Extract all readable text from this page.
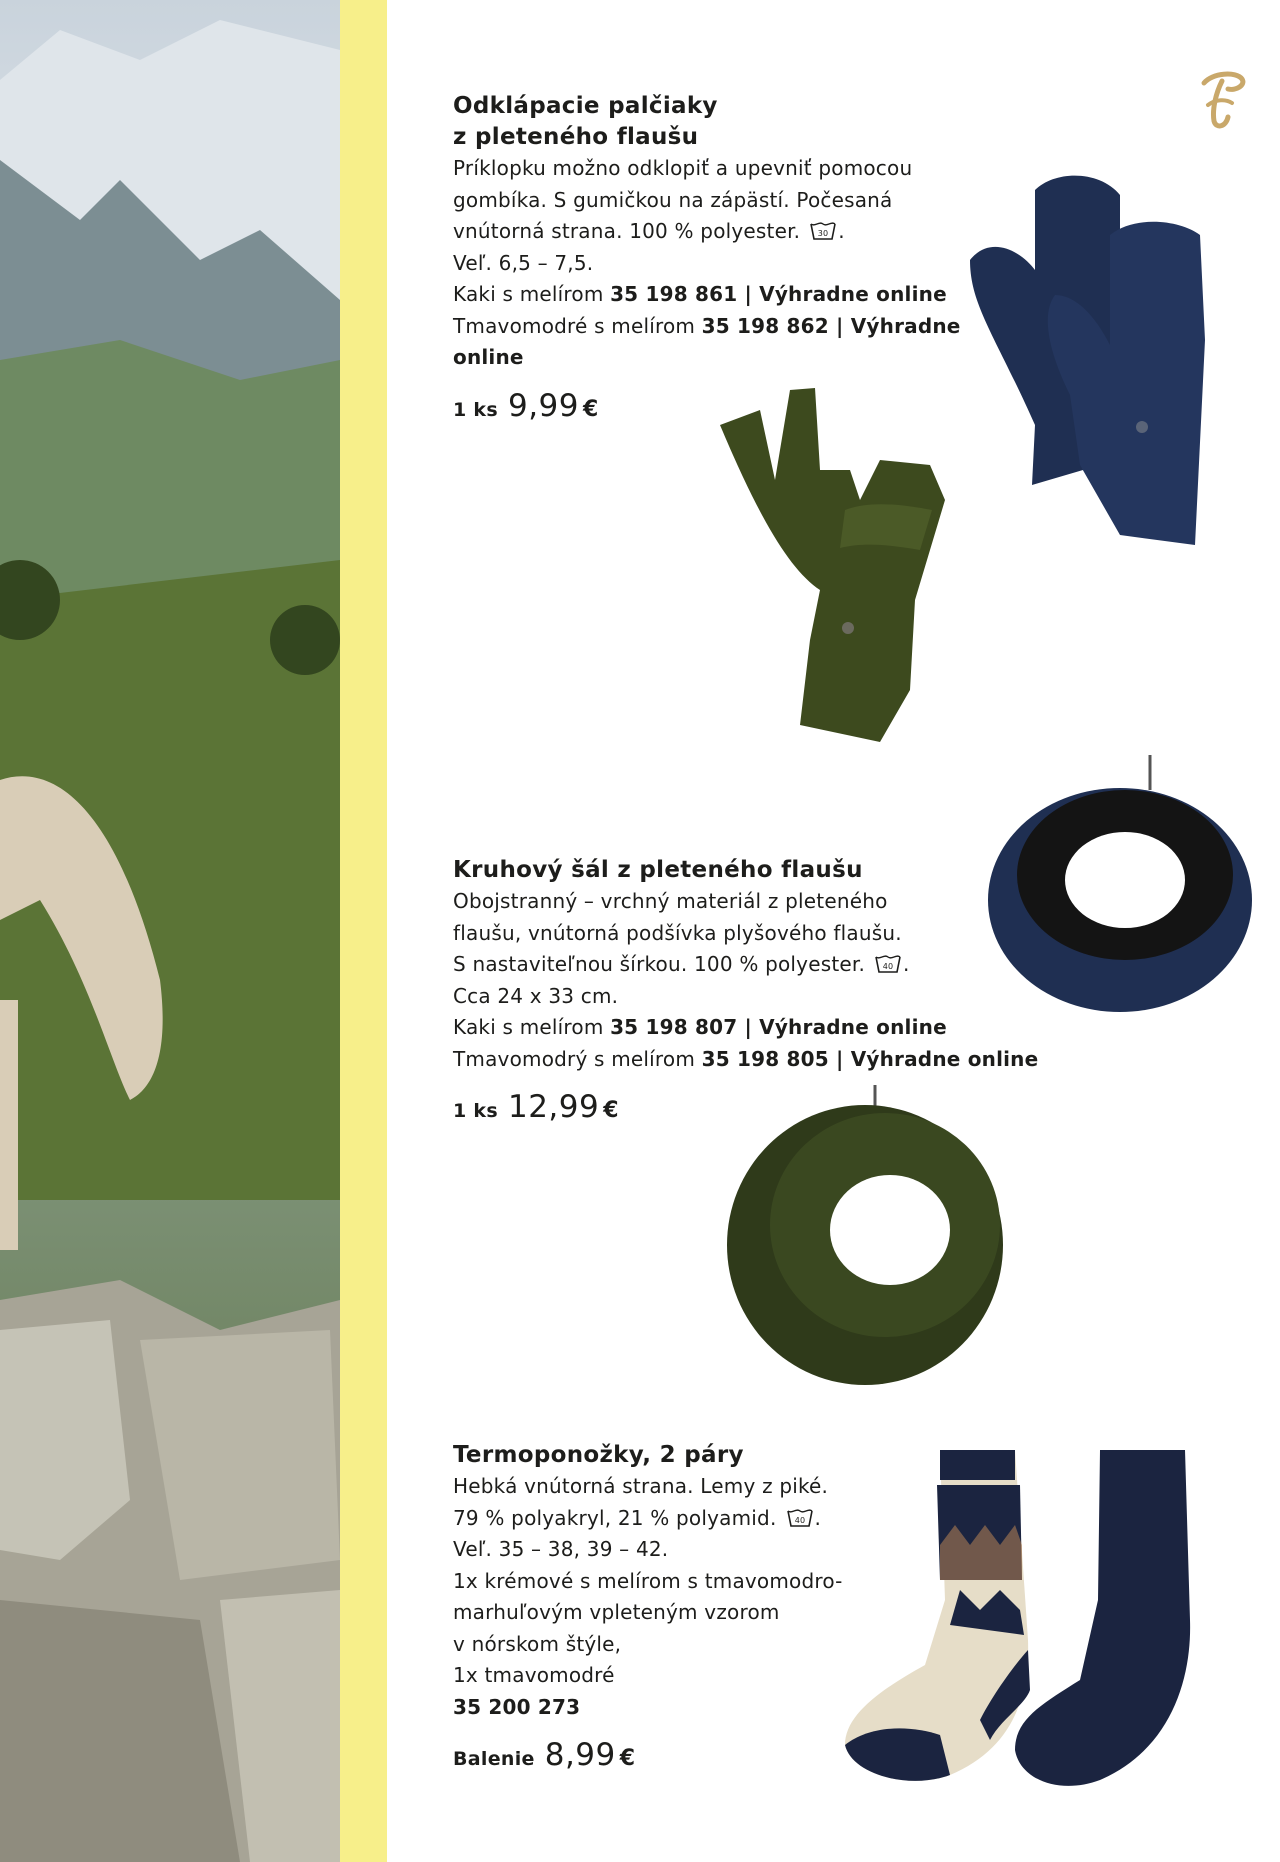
Odklápacie palčiaky
z pleteného flaušu
Príklopku možno odklopiť a upevniť pomocou
gombíka. S gumičkou na zápästí. Počesaná
vnútorná strana. 100 % polyester. 30 .
Veľ. 6,5 – 7,5.
Kaki s melírom 35 198 861 | Výhradne online
Tmavomodré s melírom 35 198 862 | Výhradne
online
1 ks 9,99 €
Kruhový šál z pleteného flaušu
Obojstranný – vrchný materiál z pleteného
flaušu, vnútorná podšívka plyšového flaušu.
S nastaviteľnou šírkou. 100 % polyester. 40 .
Cca 24 x 33 cm.
Kaki s melírom 35 198 807 | Výhradne online
Tmavomodrý s melírom 35 198 805 | Výhradne online
1 ks 12,99 €
Termoponožky, 2 páry
Hebká vnútorná strana. Lemy z piké.
79 % polyakryl, 21 % polyamid. 40 .
Veľ. 35 – 38, 39 – 42.
1x krémové s melírom s tmavomodro-
marhuľovým vpleteným vzorom
v nórskom štýle,
1x tmavomodré
35 200 273
Balenie 8,99 €
